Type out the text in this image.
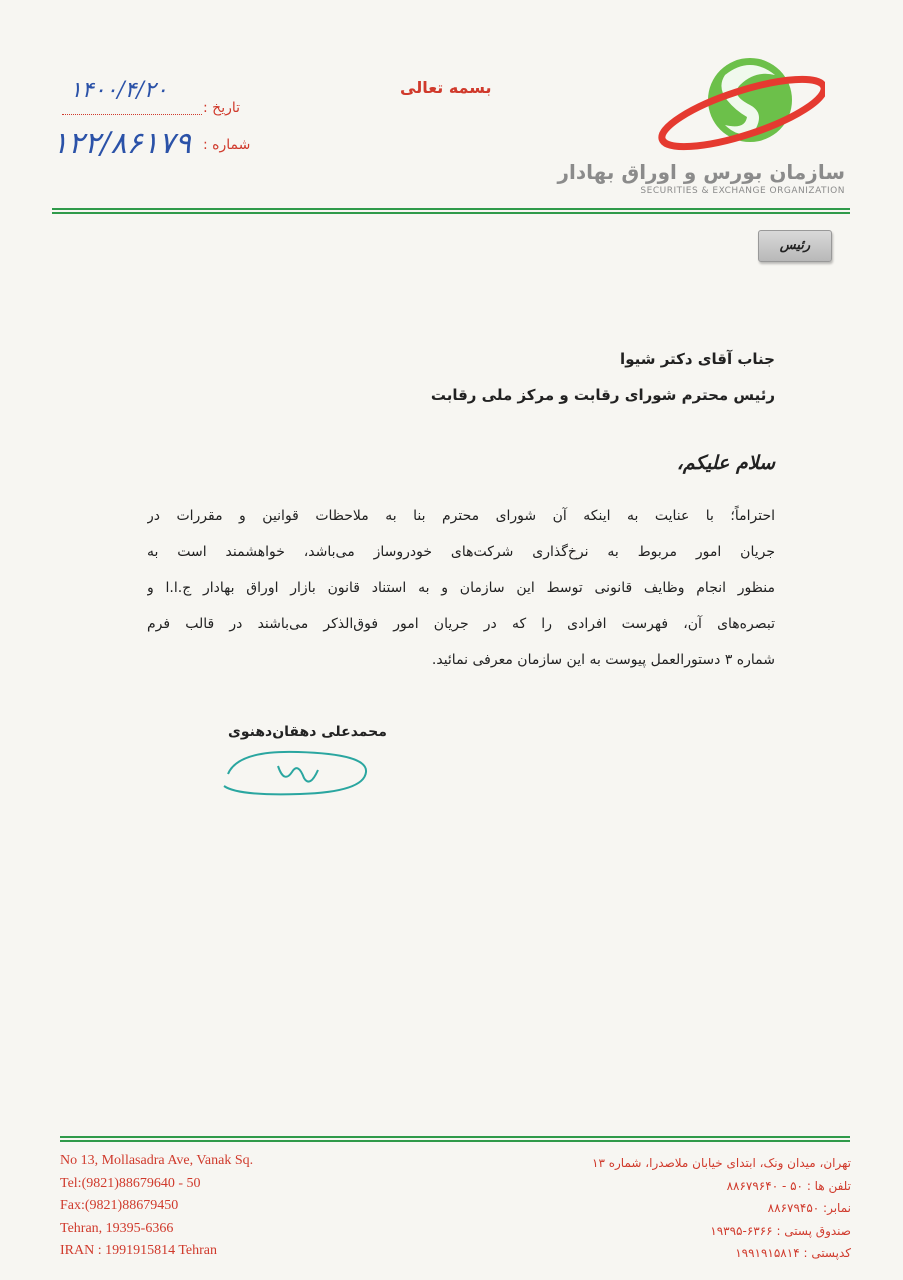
سازمان بورس و اوراق بهادار
SECURITIES & EXCHANGE ORGANIZATION
بسمه تعالی
تاریخ :
۱۴۰۰/۴/۲۰
شماره :
۱۲۲/۸۶۱۷۹
رئیس
جناب آقای دکتر شیوا
رئیس محترم شورای رقابت و مرکز ملی رقابت
سلام علیکم،
احتراماً؛ با عنایت به اینکه آن شورای محترم بنا به ملاحظات قوانین و مقررات در
جریان امور مربوط به نرخ‌گذاری شرکت‌های خودروساز می‌باشد، خواهشمند است به
منظور انجام وظایف قانونی توسط این سازمان و به استناد قانون بازار اوراق بهادار ج.ا.ا و
تبصره‌های آن، فهرست افرادی را که در جریان امور فوق‌الذکر می‌باشند در قالب فرم
شماره ۳ دستورالعمل پیوست به این سازمان معرفی نمائید.
محمدعلی دهقان‌دهنوی
No 13, Mollasadra Ave, Vanak Sq.
Tel:(9821)88679640 - 50
Fax:(9821)88679450
Tehran, 19395-6366
IRAN : 1991915814 Tehran
تهران، میدان ونک، ابتدای خیابان ملاصدرا، شماره ۱۳
تلفن ها : ۵۰ - ۸۸۶۷۹۶۴۰
نمابر: ۸۸۶۷۹۴۵۰
صندوق پستی : ۶۳۶۶-۱۹۳۹۵
کدپستی : ۱۹۹۱۹۱۵۸۱۴
